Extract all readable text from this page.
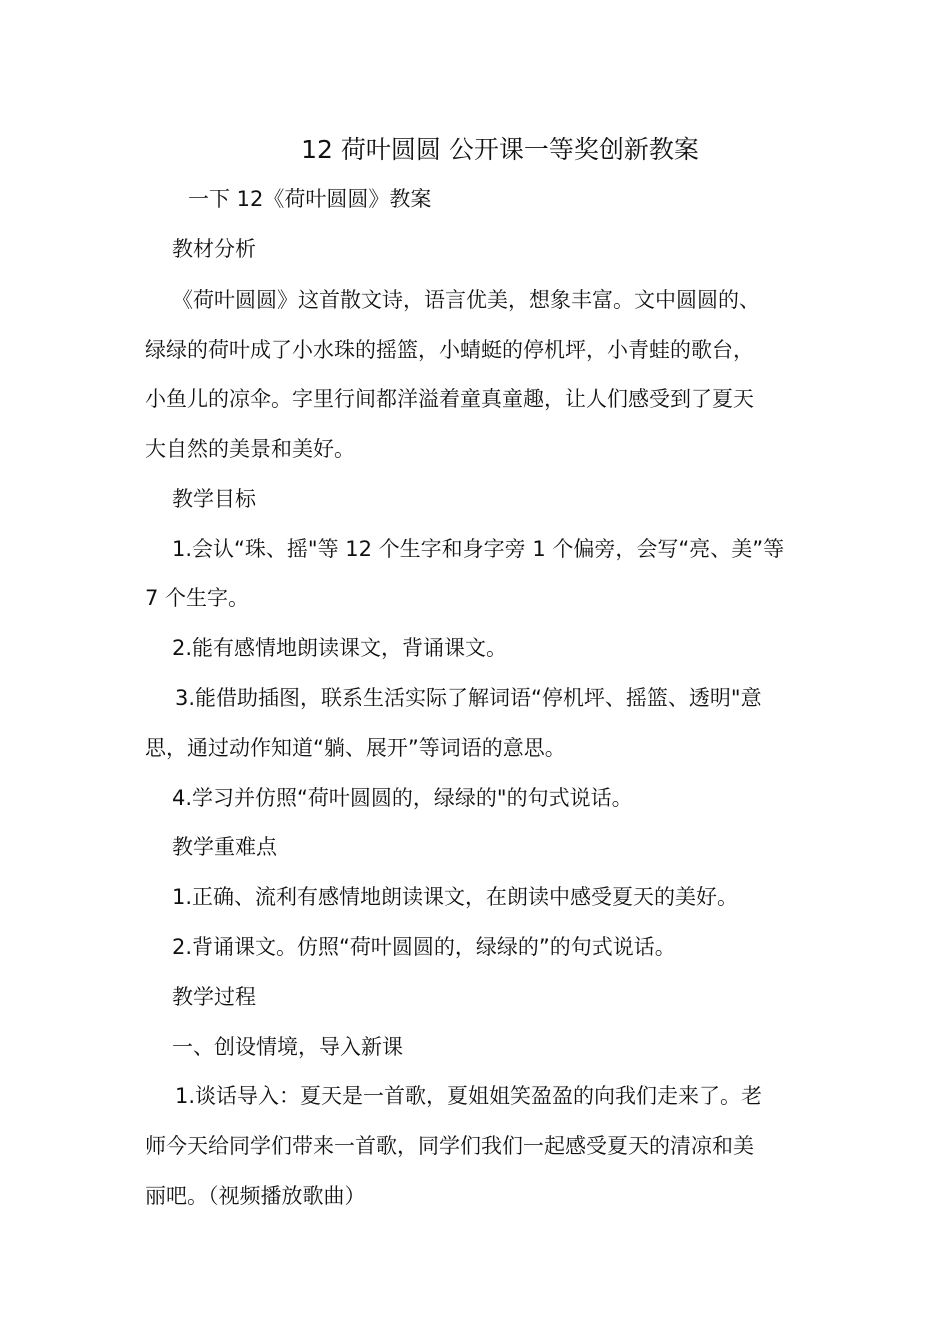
12 荷叶圆圆 公开课一等奖创新教案
一下 12《荷叶圆圆》教案
教材分析
《荷叶圆圆》这首散文诗，语言优美，想象丰富。文中圆圆的、
绿绿的荷叶成了小水珠的摇篮，小蜻蜓的停机坪，小青蛙的歌台，
小鱼儿的凉伞。字里行间都洋溢着童真童趣，让人们感受到了夏天
大自然的美景和美好。
教学目标
1.会认“珠、摇"等 12 个生字和身字旁 1 个偏旁，会写“亮、美”等
7 个生字。
2.能有感情地朗读课文，背诵课文。
3.能借助插图，联系生活实际了解词语“停机坪、摇篮、透明"意
思，通过动作知道“躺、展开”等词语的意思。
4.学习并仿照“荷叶圆圆的，绿绿的"的句式说话。
教学重难点
1.正确、流利有感情地朗读课文，在朗读中感受夏天的美好。
2.背诵课文。仿照“荷叶圆圆的，绿绿的”的句式说话。
教学过程
一、创设情境，导入新课
1.谈话导入：夏天是一首歌，夏姐姐笑盈盈的向我们走来了。老
师今天给同学们带来一首歌，同学们我们一起感受夏天的清凉和美
丽吧。（视频播放歌曲）
